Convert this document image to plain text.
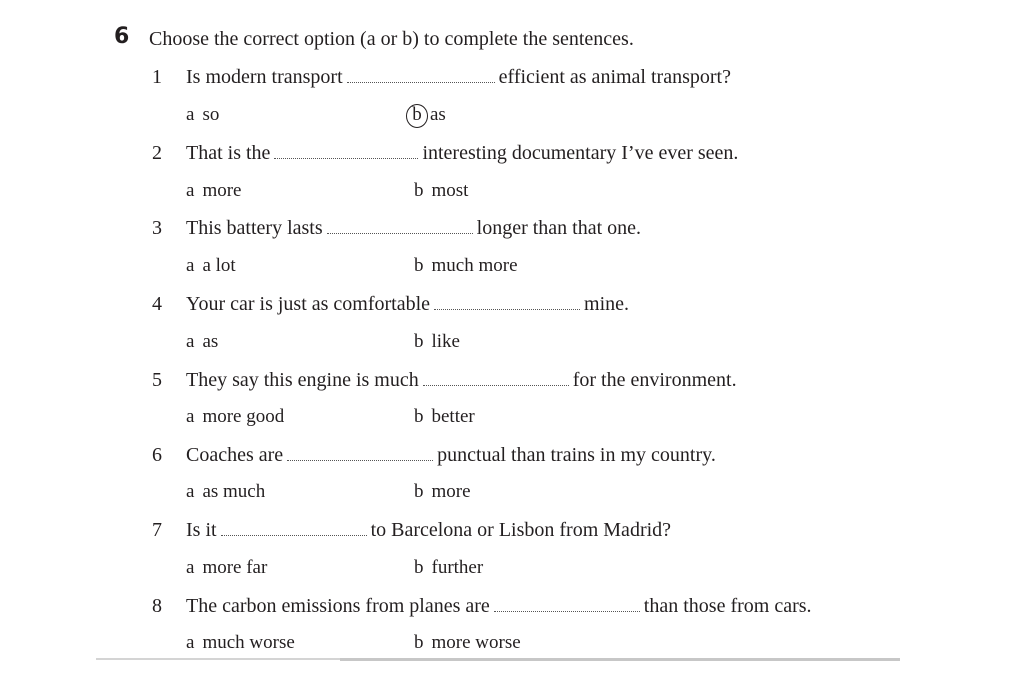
6 Choose the correct option (a or b) to complete the sentences.
1 Is modern transport	efficient as animal transport?
a so	b as
2 That is the	interesting documentary I’ve ever seen.
a more	b most
3 This battery lasts	longer than that one.
a a lot	b much more
4 Your car is just as comfortable	mine.
a as	b like
5 They say this engine is much	for the environment.
a more good	b better
6 Coaches are	punctual than trains in my country.
a as much	b more
7 Is it	to Barcelona or Lisbon from Madrid?
a more far	b further
8 The carbon emissions from planes are	than those from cars.
a much worse	b more worse
